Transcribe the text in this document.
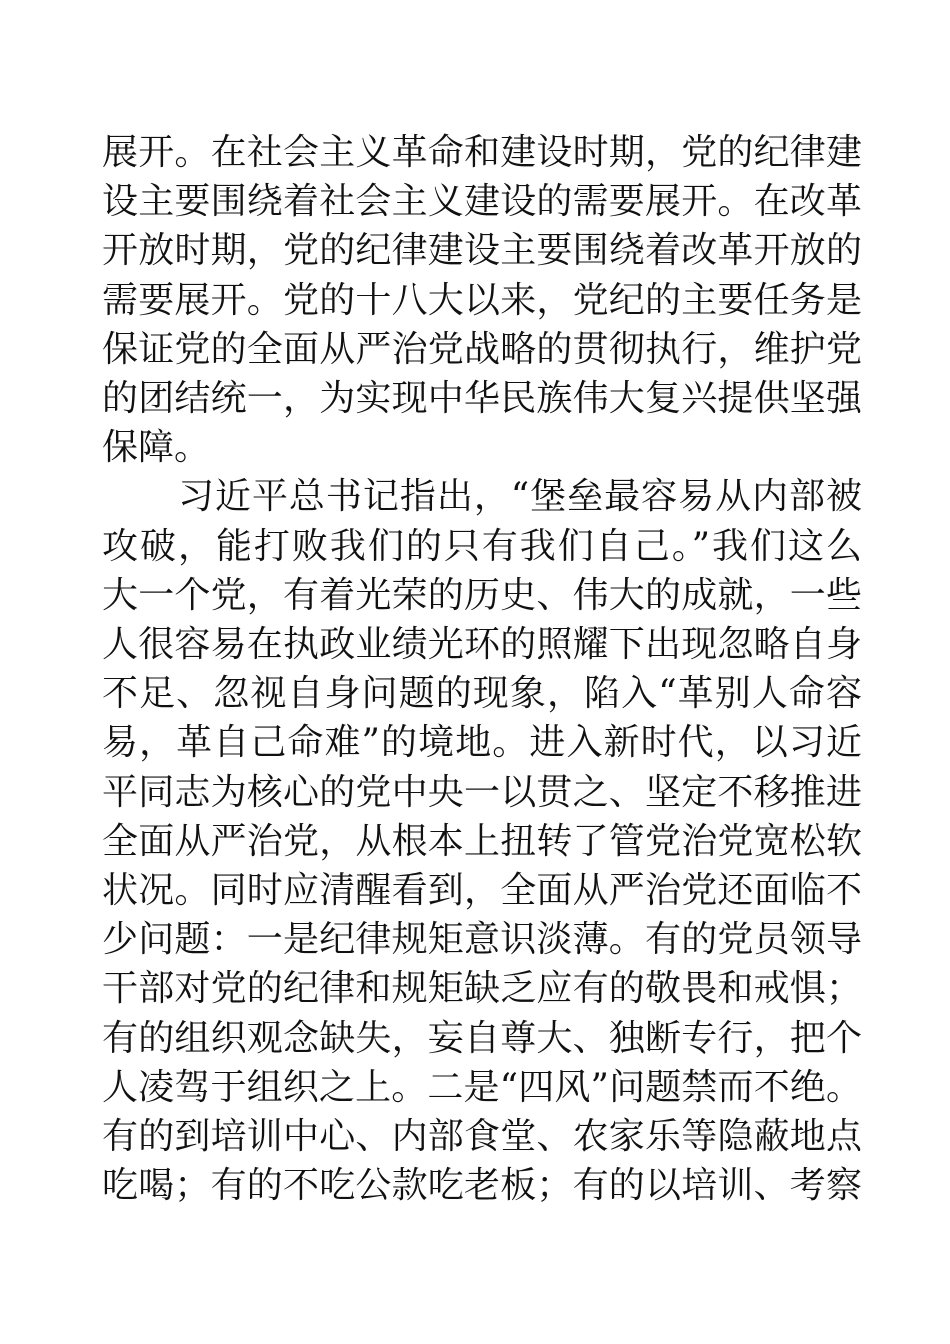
展开。在社会主义革命和建设时期，党的纪律建
设主要围绕着社会主义建设的需要展开。在改革
开放时期，党的纪律建设主要围绕着改革开放的
需要展开。党的十八大以来，党纪的主要任务是
保证党的全面从严治党战略的贯彻执行，维护党
的团结统一，为实现中华民族伟大复兴提供坚强
保障。
习近平总书记指出，“堡垒最容易从内部被
攻破，能打败我们的只有我们自己。”我们这么
大一个党，有着光荣的历史、伟大的成就，一些
人很容易在执政业绩光环的照耀下出现忽略自身
不足、忽视自身问题的现象，陷入“革别人命容
易，革自己命难”的境地。进入新时代，以习近
平同志为核心的党中央一以贯之、坚定不移推进
全面从严治党，从根本上扭转了管党治党宽松软
状况。同时应清醒看到，全面从严治党还面临不
少问题：一是纪律规矩意识淡薄。有的党员领导
干部对党的纪律和规矩缺乏应有的敬畏和戒惧；
有的组织观念缺失，妄自尊大、独断专行，把个
人凌驾于组织之上。二是“四风”问题禁而不绝。
有的到培训中心、内部食堂、农家乐等隐蔽地点
吃喝；有的不吃公款吃老板；有的以培训、考察
